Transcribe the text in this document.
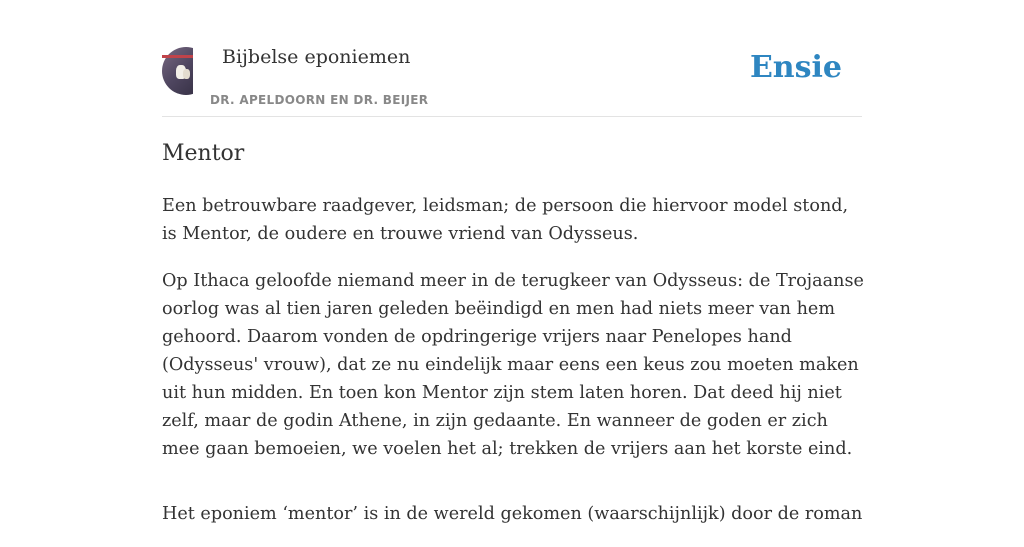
Bijbelse eponiemen
DR. APELDOORN EN DR. BEIJER
Ensie
Mentor

Een betrouwbare raadgever, leidsman; de persoon die hiervoor model stond, is Mentor, de oudere en trouwe vriend van Odysseus.

Op Ithaca geloofde niemand meer in de terugkeer van Odysseus: de Trojaanse oorlog was al tien jaren geleden beëindigd en men had niets meer van hem gehoord. Daarom vonden de opdringerige vrijers naar Penelopes hand (Odysseus' vrouw), dat ze nu eindelijk maar eens een keus zou moeten maken uit hun midden. En toen kon Mentor zijn stem laten horen. Dat deed hij niet zelf, maar de godin Athene, in zijn gedaante. En wanneer de goden er zich mee gaan bemoeien, we voelen het al; trekken de vrijers aan het korste eind.

Het eponiem ‘mentor’ is in de wereld gekomen (waarschijnlijk) door de roman
